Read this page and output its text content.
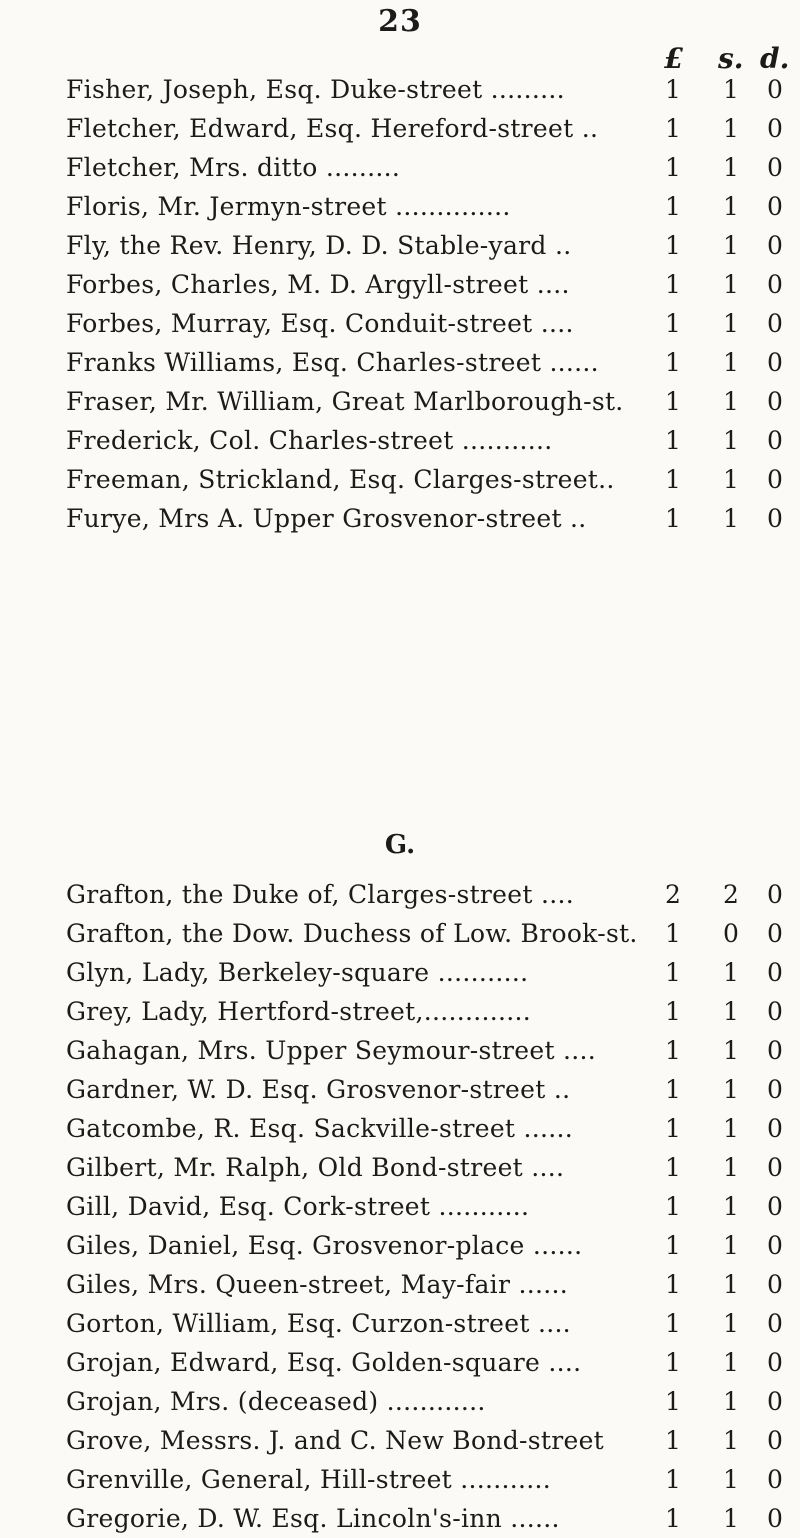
23
£ s. d.
Fisher, Joseph, Esq. Duke-street .........	1 1 0
Fletcher, Edward, Esq. Hereford-street ..	1 1 0
Fletcher, Mrs. ditto .........	1 1 0
Floris, Mr. Jermyn-street ..............	1 1 0
Fly, the Rev. Henry, D. D. Stable-yard ..	1 1 0
Forbes, Charles, M. D. Argyll-street ....	1 1 0
Forbes, Murray, Esq. Conduit-street ....	1 1 0
Franks Williams, Esq. Charles-street ......	1 1 0
Fraser, Mr. William, Great Marlborough-st. 1 1 0
Frederick, Col. Charles-street ...........	1 1 0
Freeman, Strickland, Esq. Clarges-street.. 1 1 0
Furye, Mrs A. Upper Grosvenor-street ..	1 1 0
G.
Grafton, the Duke of, Clarges-street ....	2 2 0
Grafton, the Dow. Duchess of Low. Brook-st. 1 0 0
Glyn, Lady, Berkeley-square ...........	1 1 0
Grey, Lady, Hertford-street,.............	1 1 0
Gahagan, Mrs. Upper Seymour-street ....	1 1 0
Gardner, W. D. Esq. Grosvenor-street ..	1 1 0
Gatcombe, R. Esq. Sackville-street ......	1 1 0
Gilbert, Mr. Ralph, Old Bond-street ....	1 1 0
Gill, David, Esq. Cork-street ...........	1 1 0
Giles, Daniel, Esq. Grosvenor-place ......	1 1 0
Giles, Mrs. Queen-street, May-fair ......	1 1 0
Gorton, William, Esq. Curzon-street ....	1 1 0
Grojan, Edward, Esq. Golden-square ....	1 1 0
Grojan, Mrs. (deceased) ............	1 1 0
Grove, Messrs. J. and C. New Bond-street 1 1 0
Grenville, General, Hill-street ...........	1 1 0
Gregorie, D. W. Esq. Lincoln's-inn ......	1 1 0
